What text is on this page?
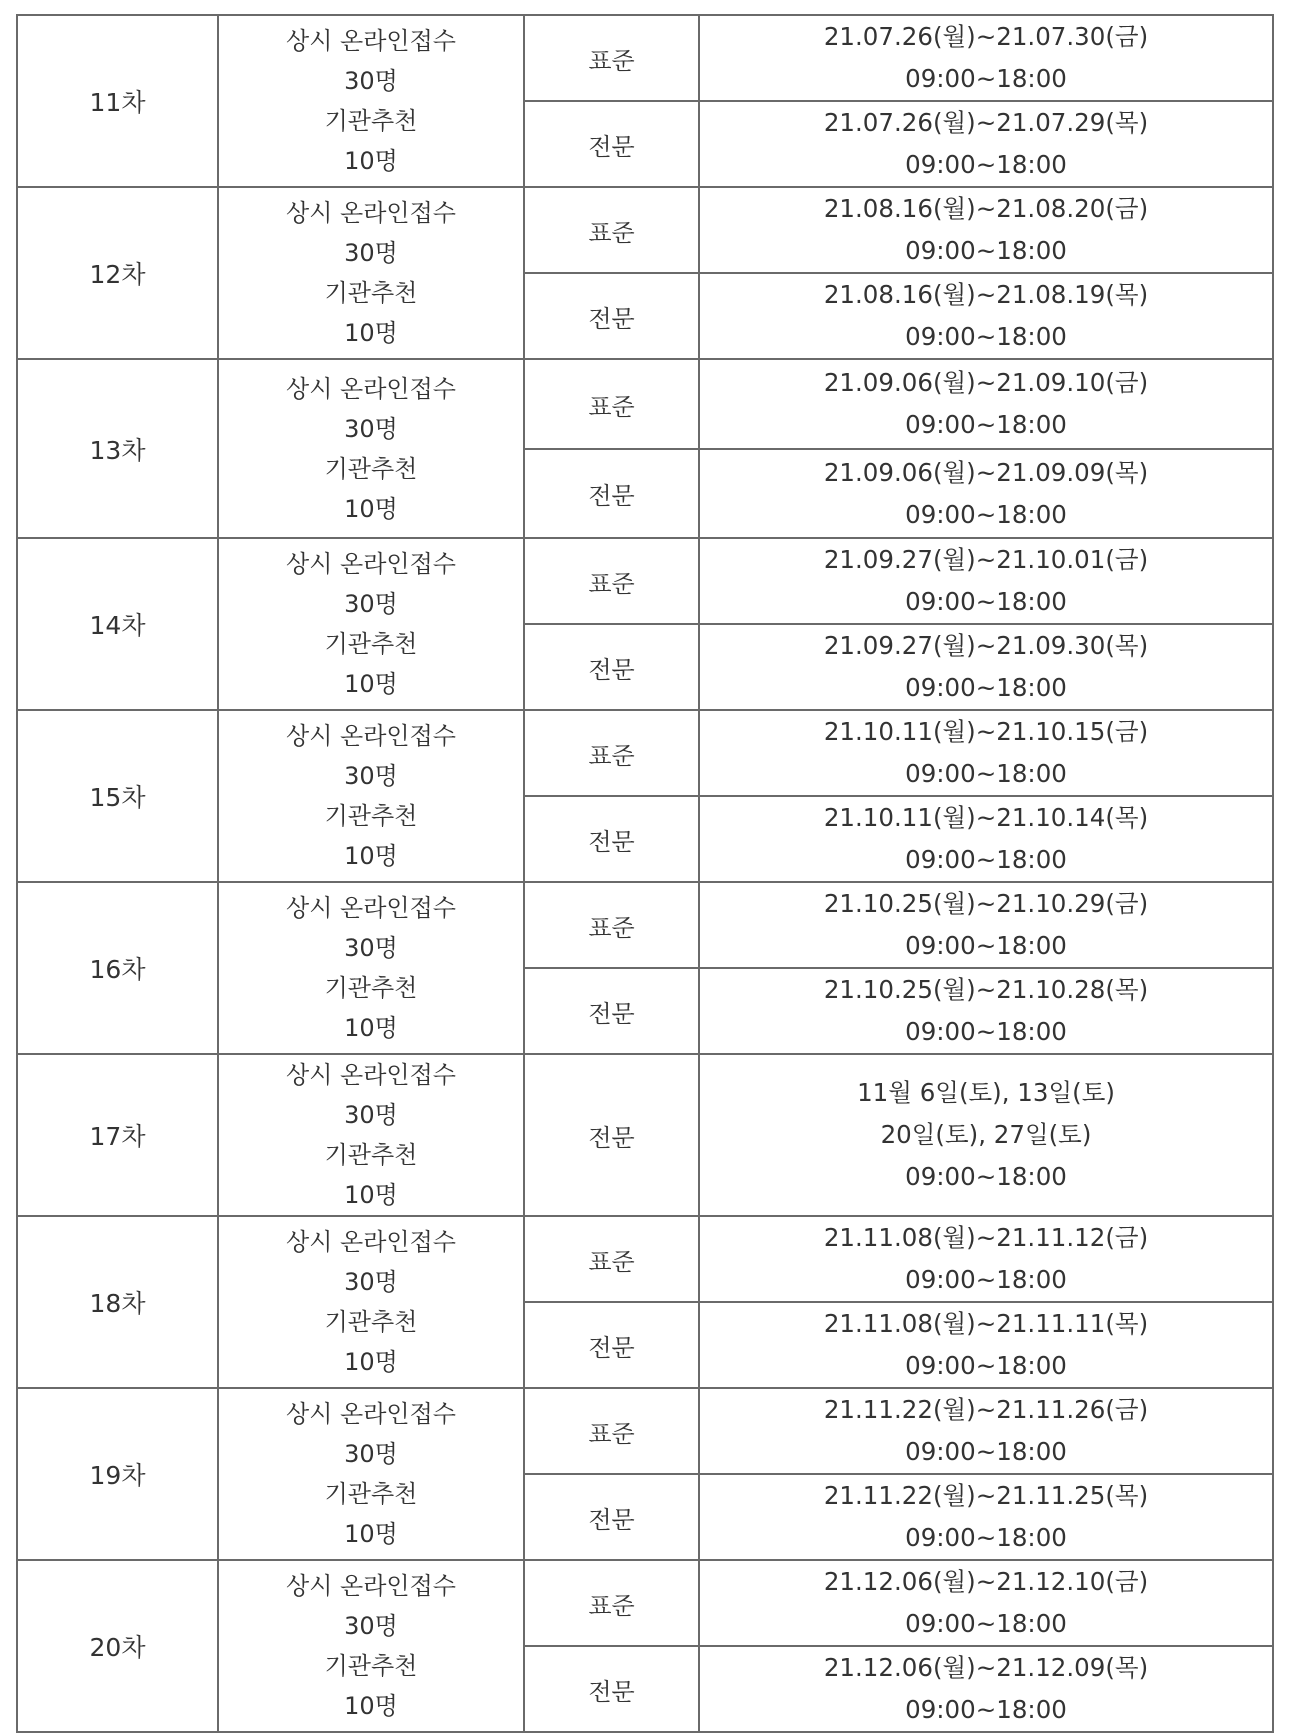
11차	상시 온라인접수
30명
기관추천
10명	표준	21.07.26(월)~21.07.30(금)
09:00~18:00

		전문	21.07.26(월)~21.07.29(목)
09:00~18:00

12차	상시 온라인접수
30명
기관추천
10명	표준	21.08.16(월)~21.08.20(금)
09:00~18:00

		전문	21.08.16(월)~21.08.19(목)
09:00~18:00

13차	상시 온라인접수
30명
기관추천
10명	표준	21.09.06(월)~21.09.10(금)
09:00~18:00

		전문	21.09.06(월)~21.09.09(목)
09:00~18:00

14차	상시 온라인접수
30명
기관추천
10명	표준	21.09.27(월)~21.10.01(금)
09:00~18:00

		전문	21.09.27(월)~21.09.30(목)
09:00~18:00

15차	상시 온라인접수
30명
기관추천
10명	표준	21.10.11(월)~21.10.15(금)
09:00~18:00

		전문	21.10.11(월)~21.10.14(목)
09:00~18:00

16차	상시 온라인접수
30명
기관추천
10명	표준	21.10.25(월)~21.10.29(금)
09:00~18:00

		전문	21.10.25(월)~21.10.28(목)
09:00~18:00

17차	상시 온라인접수
30명
기관추천
10명	전문	11월 6일(토), 13일(토)
20일(토), 27일(토)
09:00~18:00

18차	상시 온라인접수
30명
기관추천
10명	표준	21.11.08(월)~21.11.12(금)
09:00~18:00

		전문	21.11.08(월)~21.11.11(목)
09:00~18:00

19차	상시 온라인접수
30명
기관추천
10명	표준	21.11.22(월)~21.11.26(금)
09:00~18:00

		전문	21.11.22(월)~21.11.25(목)
09:00~18:00

20차	상시 온라인접수
30명
기관추천
10명	표준	21.12.06(월)~21.12.10(금)
09:00~18:00

		전문	21.12.06(월)~21.12.09(목)
09:00~18:00
